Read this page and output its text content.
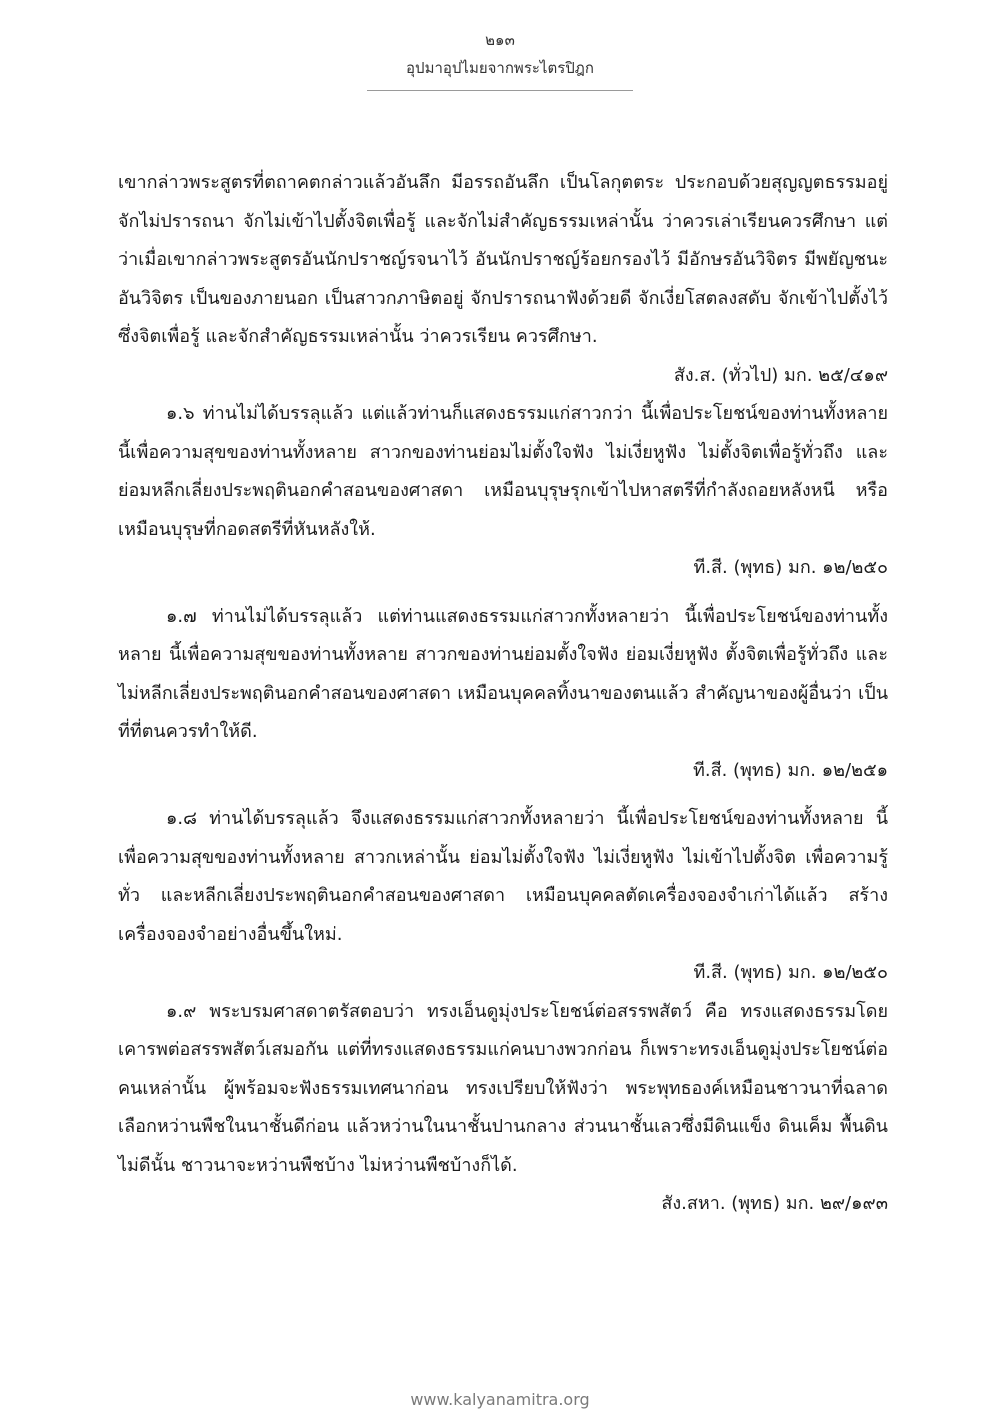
๒๑๓
อุปมาอุปไมยจากพระไตรปิฎก

เขากล่าวพระสูตรที่ตถาคตกล่าวแล้วอันลึก มีอรรถอันลึก เป็นโลกุตตระ ประกอบด้วยสุญญตธรรมอยู่ จักไม่ปรารถนา จักไม่เข้าไปตั้งจิตเพื่อรู้ และจักไม่สำคัญธรรมเหล่านั้น ว่าควรเล่าเรียนควรศึกษา แต่ว่าเมื่อเขากล่าวพระสูตรอันนักปราชญ์รจนาไว้ อันนักปราชญ์ร้อยกรองไว้ มีอักษรอันวิจิตร มีพยัญชนะอันวิจิตร เป็นของภายนอก เป็นสาวกภาษิตอยู่ จักปรารถนาฟังด้วยดี จักเงี่ยโสตลงสดับ จักเข้าไปตั้งไว้ซึ่งจิตเพื่อรู้ และจักสำคัญธรรมเหล่านั้น ว่าควรเรียน ควรศึกษา.

สัง.ส. (ทั่วไป) มก. ๒๕/๔๑๙

๑.๖ ท่านไม่ได้บรรลุแล้ว แต่แล้วท่านก็แสดงธรรมแก่สาวกว่า นี้เพื่อประโยชน์ของท่านทั้งหลาย นี้เพื่อความสุขของท่านทั้งหลาย สาวกของท่านย่อมไม่ตั้งใจฟัง ไม่เงี่ยหูฟัง ไม่ตั้งจิตเพื่อรู้ทั่วถึง และย่อมหลีกเลี่ยงประพฤตินอกคำสอนของศาสดา เหมือนบุรุษรุกเข้าไปหาสตรีที่กำลังถอยหลังหนี หรือเหมือนบุรุษที่กอดสตรีที่หันหลังให้.

ที.สี. (พุทธ) มก. ๑๒/๒๕๐

๑.๗ ท่านไม่ได้บรรลุแล้ว แต่ท่านแสดงธรรมแก่สาวกทั้งหลายว่า นี้เพื่อประโยชน์ของท่านทั้งหลาย นี้เพื่อความสุขของท่านทั้งหลาย สาวกของท่านย่อมตั้งใจฟัง ย่อมเงี่ยหูฟัง ตั้งจิตเพื่อรู้ทั่วถึง และไม่หลีกเลี่ยงประพฤตินอกคำสอนของศาสดา เหมือนบุคคลทิ้งนาของตนแล้ว สำคัญนาของผู้อื่นว่า เป็นที่ที่ตนควรทำให้ดี.

ที.สี. (พุทธ) มก. ๑๒/๒๕๑

๑.๘ ท่านได้บรรลุแล้ว จึงแสดงธรรมแก่สาวกทั้งหลายว่า นี้เพื่อประโยชน์ของท่านทั้งหลาย นี้เพื่อความสุขของท่านทั้งหลาย สาวกเหล่านั้น ย่อมไม่ตั้งใจฟัง ไม่เงี่ยหูฟัง ไม่เข้าไปตั้งจิต เพื่อความรู้ทั่ว และหลีกเลี่ยงประพฤตินอกคำสอนของศาสดา เหมือนบุคคลตัดเครื่องจองจำเก่าได้แล้ว สร้างเครื่องจองจำอย่างอื่นขึ้นใหม่.

ที.สี. (พุทธ) มก. ๑๒/๒๕๐

๑.๙ พระบรมศาสดาตรัสตอบว่า ทรงเอ็นดูมุ่งประโยชน์ต่อสรรพสัตว์ คือ ทรงแสดงธรรมโดยเคารพต่อสรรพสัตว์เสมอกัน แต่ที่ทรงแสดงธรรมแก่คนบางพวกก่อน ก็เพราะทรงเอ็นดูมุ่งประโยชน์ต่อคนเหล่านั้น ผู้พร้อมจะฟังธรรมเทศนาก่อน ทรงเปรียบให้ฟังว่า พระพุทธองค์เหมือนชาวนาที่ฉลาดเลือกหว่านพืชในนาชั้นดีก่อน แล้วหว่านในนาชั้นปานกลาง ส่วนนาชั้นเลวซึ่งมีดินแข็ง ดินเค็ม พื้นดินไม่ดีนั้น ชาวนาจะหว่านพืชบ้าง ไม่หว่านพืชบ้างก็ได้.

สัง.สหา. (พุทธ) มก. ๒๙/๑๙๓

www.kalyanamitra.org
